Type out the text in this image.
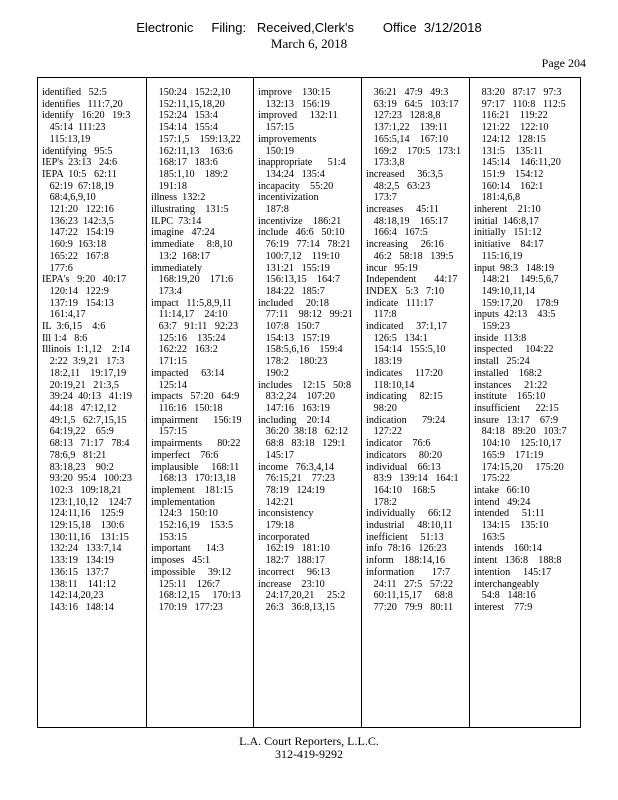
Electronic     Filing:   Received,Clerk's        Office  3/12/2018
March 6, 2018
Page 204
identified   52:5
identifies   111:7,20
identify   16:20   19:3
45:14  111:23
115:13,19
identifying   95:5
IEP's  23:13   24:6
IEPA  10:5   62:11
62:19  67:18,19
68:4,6,9,10
121:20   122:16
136:23  142:3,5
147:22   154:19
160:9  163:18
165:22   167:8
177:6
IEPA's   9:20   40:17
120:14   122:9
137:19   154:13
161:4,17
IL  3:6,15    4:6
Ill 1:4   8:6
Illinois  1:1,12    2:14
2:22  3:9,21   17:3
18:2,11    19:17,19
20:19,21   21:3,5
39:24  40:13   41:19
44:18   47:12,12
49:1,5   62:7,15,15
64:19,22    65:9
68:13   71:17   78:4
78:6,9   81:21
83:18,23    90:2
93:20  95:4   100:23
102:3   109:18,21
123:1,10,12    124:7
124:11,16    125:9
129:15,18    130:6
130:11,16    131:15
132:24   133:7,14
133:19   134:19
136:15   137:7
138:11    141:12
142:14,20,23
143:16   148:14
150:24   152:2,10
152:11,15,18,20
152:24   153:4
154:14   155:4
157:1,5    159:13,22
162:11,13    163:6
168:17   183:6
185:1,10    189:2
191:18
illness  132:2
illustrating    131:5
ILPC  73:14
imagine   47:24
immediate     8:8,10
13:2  168:17
immediately
168:19,20    171:6
173:4
impact   11:5,8,9,11
11:14,17    24:10
63:7   91:11   92:23
125:16    135:24
162:22   163:2
171:15
impacted     63:14
125:14
impacts   57:20   64:9
116:16   150:18
impairment      156:19
157:15
impairments      80:22
imperfect    76:6
implausible     168:11
168:13   170:13,18
implement    181:15
implementation
124:3   150:10
152:16,19    153:5
153:15
important      14:3
imposes   45:1
impossible     39:12
125:11    126:7
168:12,15     170:13
170:19   177:23
improve    130:15
132:13   156:19
improved     132:11
157:15
improvements
150:19
inappropriate      51:4
134:24   135:4
incapacity    55:20
incentivization
187:8
incentivize    186:21
include   46:6   50:10
76:19   77:14   78:21
100:7,12    119:10
131:21   155:19
156:13,15    164:7
184:22   185:7
included     20:18
77:11    98:12   99:21
107:8   150:7
154:13   157:19
158:5,6,16    159:4
178:2    180:23
190:2
includes    12:15   50:8
83:2,24    107:20
147:16   163:19
including    20:14
36:20  38:18   62:12
68:8   83:18   129:1
145:17
income   76:3,4,14
76:15,21    77:23
78:19   124:19
142:21
inconsistency
179:18
incorporated
162:19   181:10
182:7   188:17
incorrect     96:13
increase    23:10
24:17,20,21     25:2
26:3   36:8,13,15
36:21   47:9   49:3
63:19   64:5   103:17
127:23   128:8,8
137:1,22    139:11
165:5,14    167:10
169:2    170:5   173:1
173:3,8
increased     36:3,5
48:2,5   63:23
173:7
increases     45:11
48:18,19    165:17
166:4   167:5
increasing     26:16
46:2   58:18   139:5
incur   95:19
Independent       44:17
INDEX   5:3   7:10
indicate   111:17
117:8
indicated     37:1,17
126:5   134:1
154:14   155:5,10
183:19
indicates     117:20
118:10,14
indicating     82:15
98:20
indication      79:24
127:22
indicator    76:6
indicators     80:20
individual    66:13
83:9   139:14   164:1
164:10    168:5
178:2
individually     66:12
industrial     48:10,11
inefficient     51:13
info  78:16   126:23
inform    188:14,16
information       17:7
24:11   27:5   57:22
60:11,15,17     68:8
77:20   79:9   80:11
83:20   87:17   97:3
97:17   110:8   112:5
116:21    119:22
121:22    122:10
124:12   128:15
131:5    135:11
145:14    146:11,20
151:9    154:12
160:14    162:1
181:4,6,8
inherent    21:10
initial  146:8,17
initially   151:12
initiative    84:17
115:16,19
input  98:3   148:19
148:21    149:5,6,7
149:10,11,14
159:17,20     178:9
inputs  42:13    43:5
159:23
inside  113:8
inspected     104:22
install   25:24
installed    168:2
instances     21:22
institute    165:10
insufficient      22:15
insure   13:17    67:9
84:18   89:20   103:7
104:10    125:10,17
165:9    171:19
174:15,20     175:20
175:22
intake   66:10
intend   49:24
intended     51:11
134:15    135:10
163:5
intends    160:14
intent   136:8    188:8
intention     145:17
interchangeably
54:8   148:16
interest    77:9
L.A. Court Reporters, L.L.C.
312-419-9292
